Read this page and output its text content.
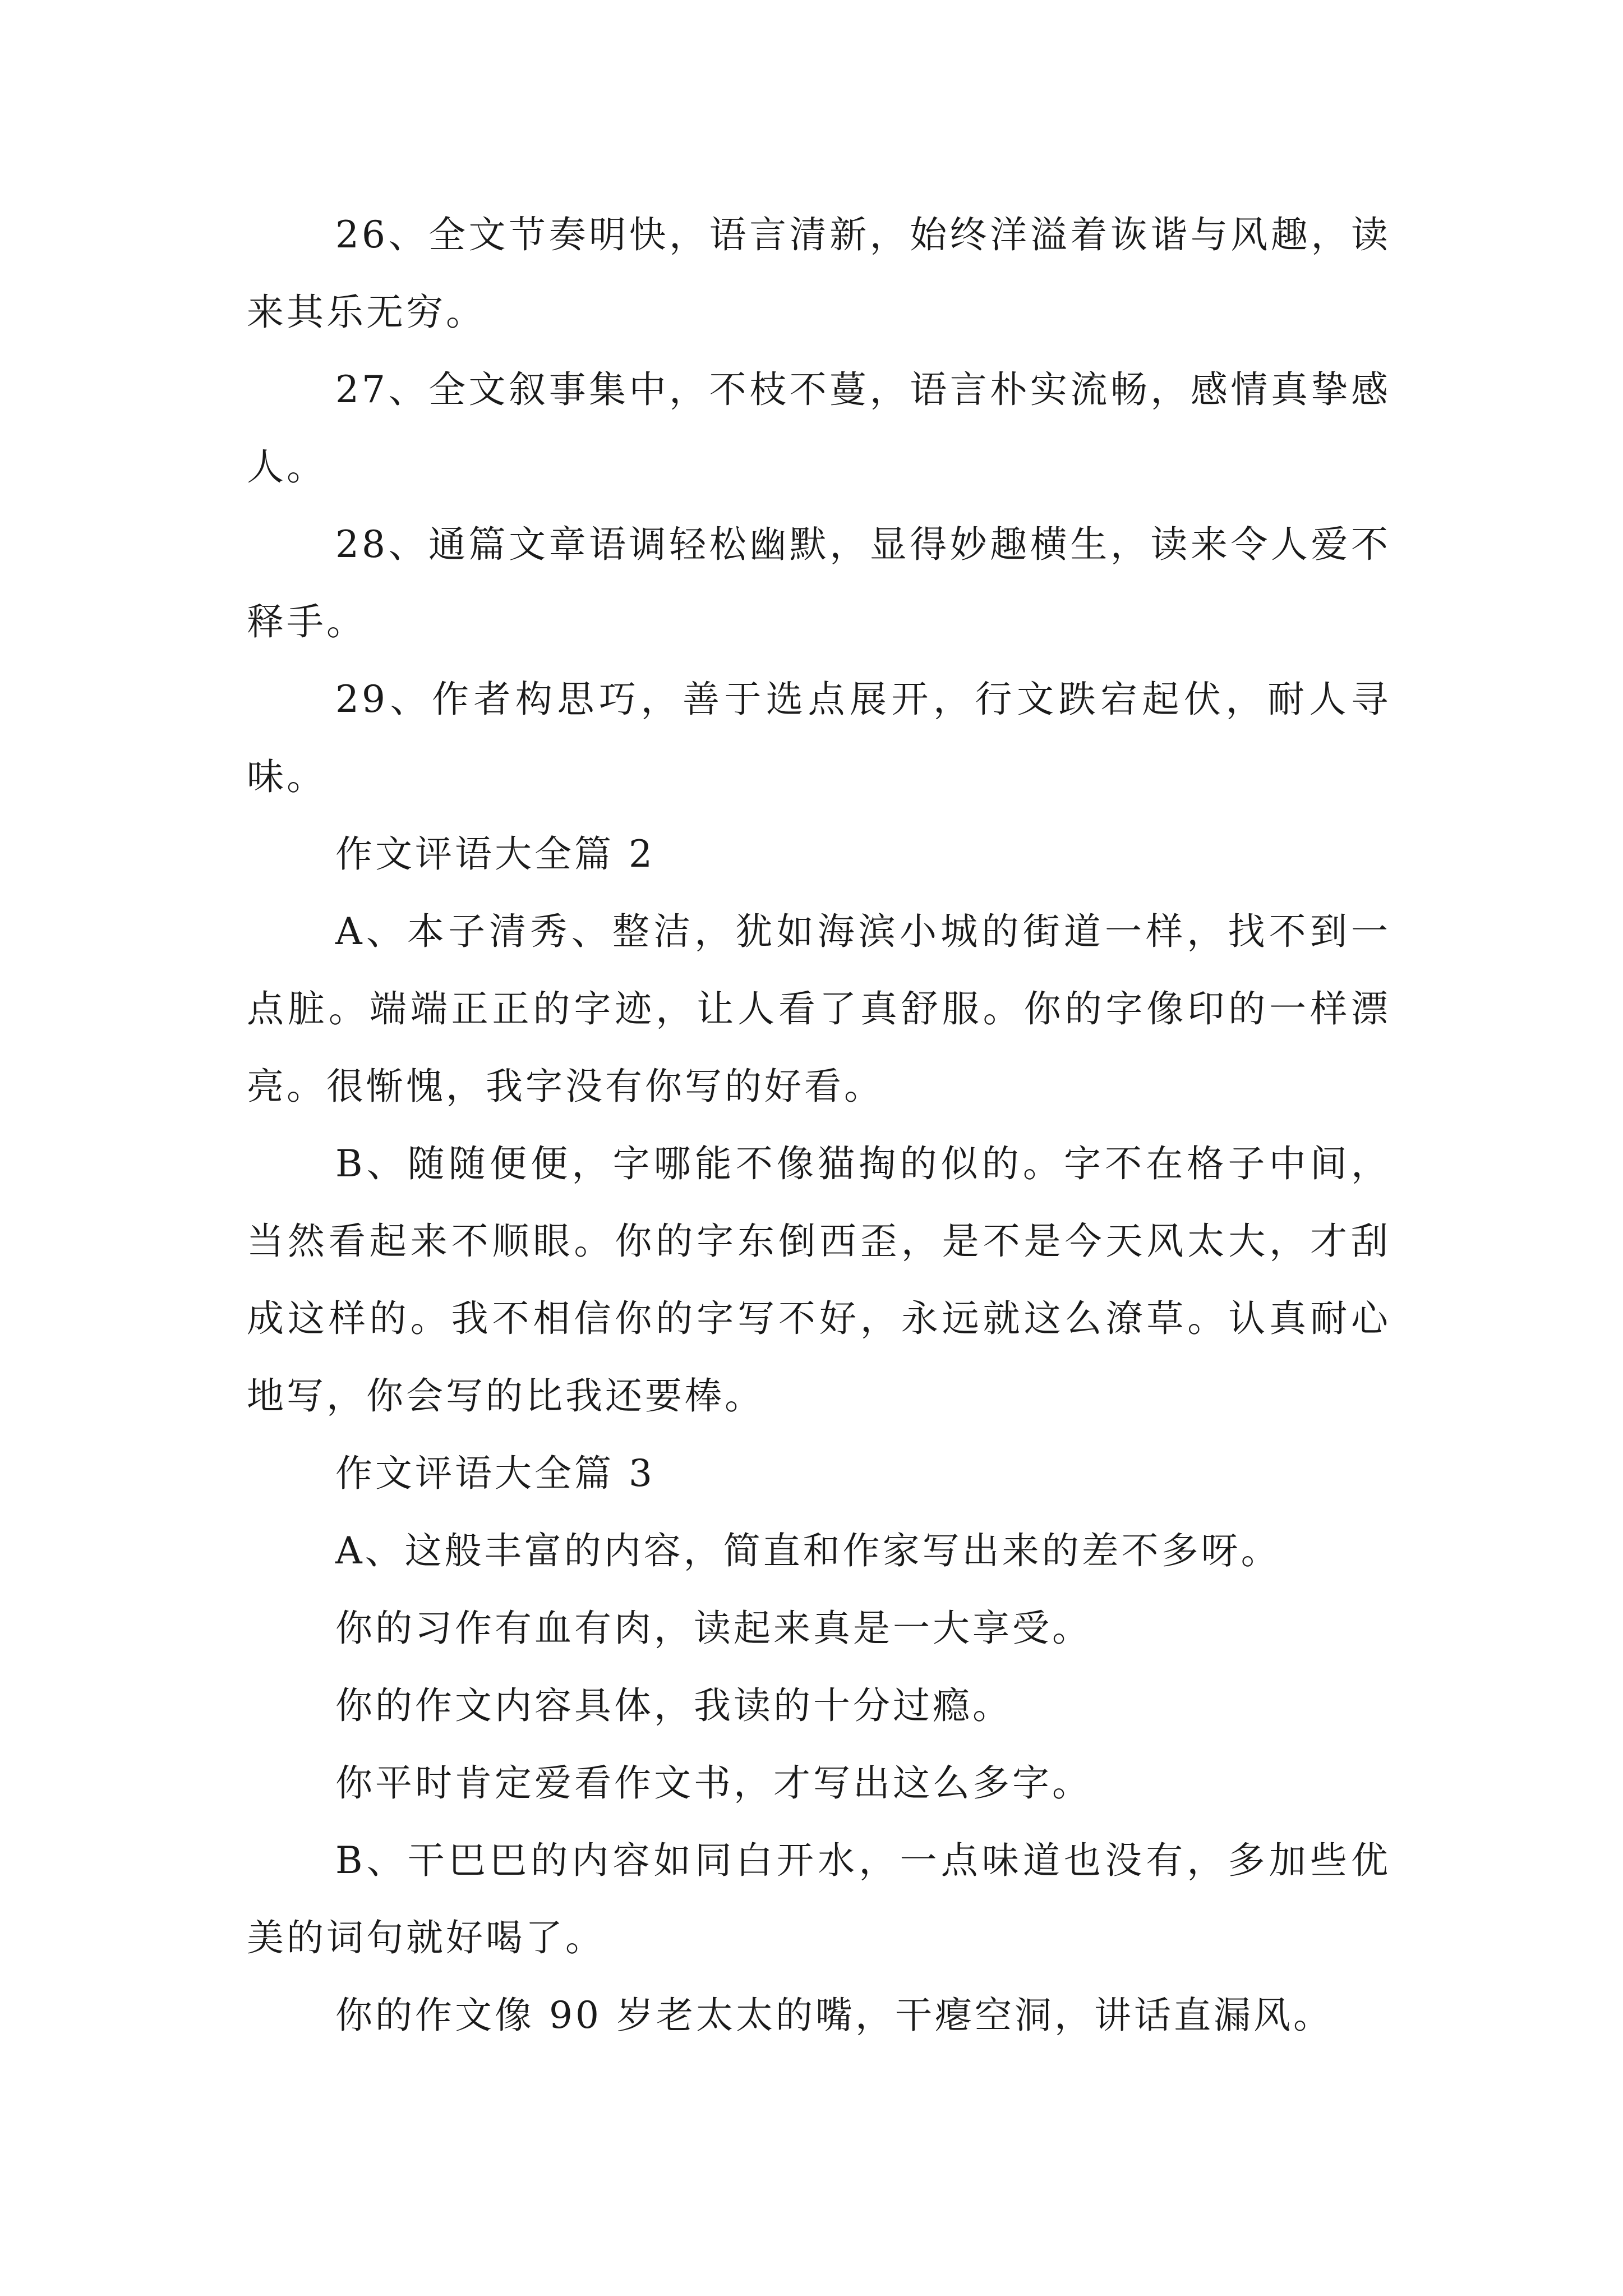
26、全文节奏明快，语言清新，始终洋溢着诙谐与风趣，读来其乐无穷。

27、全文叙事集中，不枝不蔓，语言朴实流畅，感情真挚感人。

28、通篇文章语调轻松幽默，显得妙趣横生，读来令人爱不释手。

29、作者构思巧，善于选点展开，行文跌宕起伏，耐人寻味。

作文评语大全篇 2

A、本子清秀、整洁，犹如海滨小城的街道一样，找不到一点脏。端端正正的字迹，让人看了真舒服。你的字像印的一样漂亮。很惭愧，我字没有你写的好看。

B、随随便便，字哪能不像猫掏的似的。字不在格子中间，当然看起来不顺眼。你的字东倒西歪，是不是今天风太大，才刮成这样的。我不相信你的字写不好，永远就这么潦草。认真耐心地写，你会写的比我还要棒。

作文评语大全篇 3

A、这般丰富的内容，简直和作家写出来的差不多呀。

你的习作有血有肉，读起来真是一大享受。

你的作文内容具体，我读的十分过瘾。

你平时肯定爱看作文书，才写出这么多字。

B、干巴巴的内容如同白开水，一点味道也没有，多加些优美的词句就好喝了。

你的作文像 90 岁老太太的嘴，干瘪空洞，讲话直漏风。
